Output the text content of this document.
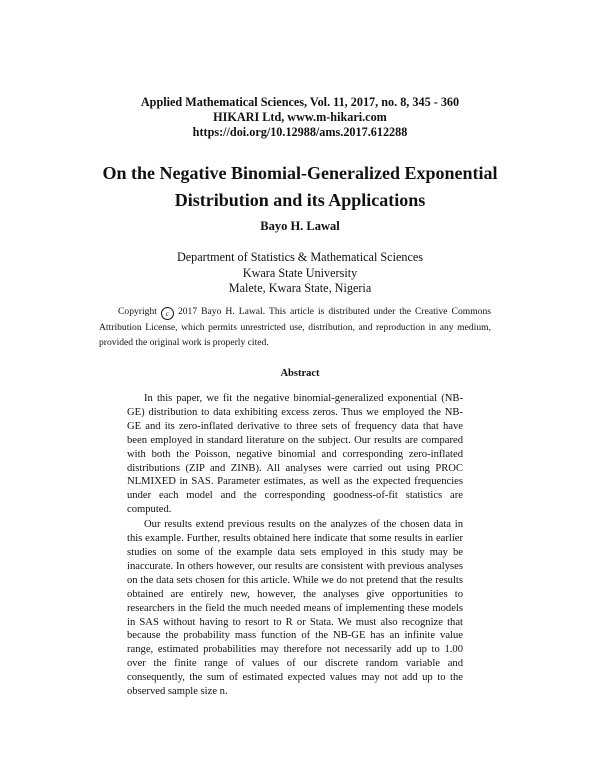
Applied Mathematical Sciences, Vol. 11, 2017, no. 8, 345 - 360
HIKARI Ltd, www.m-hikari.com
https://doi.org/10.12988/ams.2017.612288
On the Negative Binomial-Generalized Exponential
Distribution and its Applications
Bayo H. Lawal
Department of Statistics & Mathematical Sciences
Kwara State University
Malete, Kwara State, Nigeria

Copyright c 2017 Bayo H. Lawal. This article is distributed under the Creative Commons Attribution License, which permits unrestricted use, distribution, and reproduction in any medium, provided the original work is properly cited.

Abstract

In this paper, we fit the negative binomial-generalized exponential (NB-GE) distribution to data exhibiting excess zeros. Thus we employed the NB-GE and its zero-inflated derivative to three sets of frequency data that have been employed in standard literature on the subject. Our results are compared with both the Poisson, negative binomial and corresponding zero-inflated distributions (ZIP and ZINB). All analyses were carried out using PROC NLMIXED in SAS. Parameter estimates, as well as the expected frequencies under each model and the corresponding goodness-of-fit statistics are computed.

Our results extend previous results on the analyzes of the chosen data in this example. Further, results obtained here indicate that some results in earlier studies on some of the example data sets employed in this study may be inaccurate. In others however, our results are consistent with previous analyses on the data sets chosen for this article. While we do not pretend that the results obtained are entirely new, however, the analyses give opportunities to researchers in the field the much needed means of implementing these models in SAS without having to resort to R or Stata. We must also recognize that because the probability mass function of the NB-GE has an infinite value range, estimated probabilities may therefore not necessarily add up to 1.00 over the finite range of values of our discrete random variable and consequently, the sum of estimated expected values may not add up to the observed sample size n.
